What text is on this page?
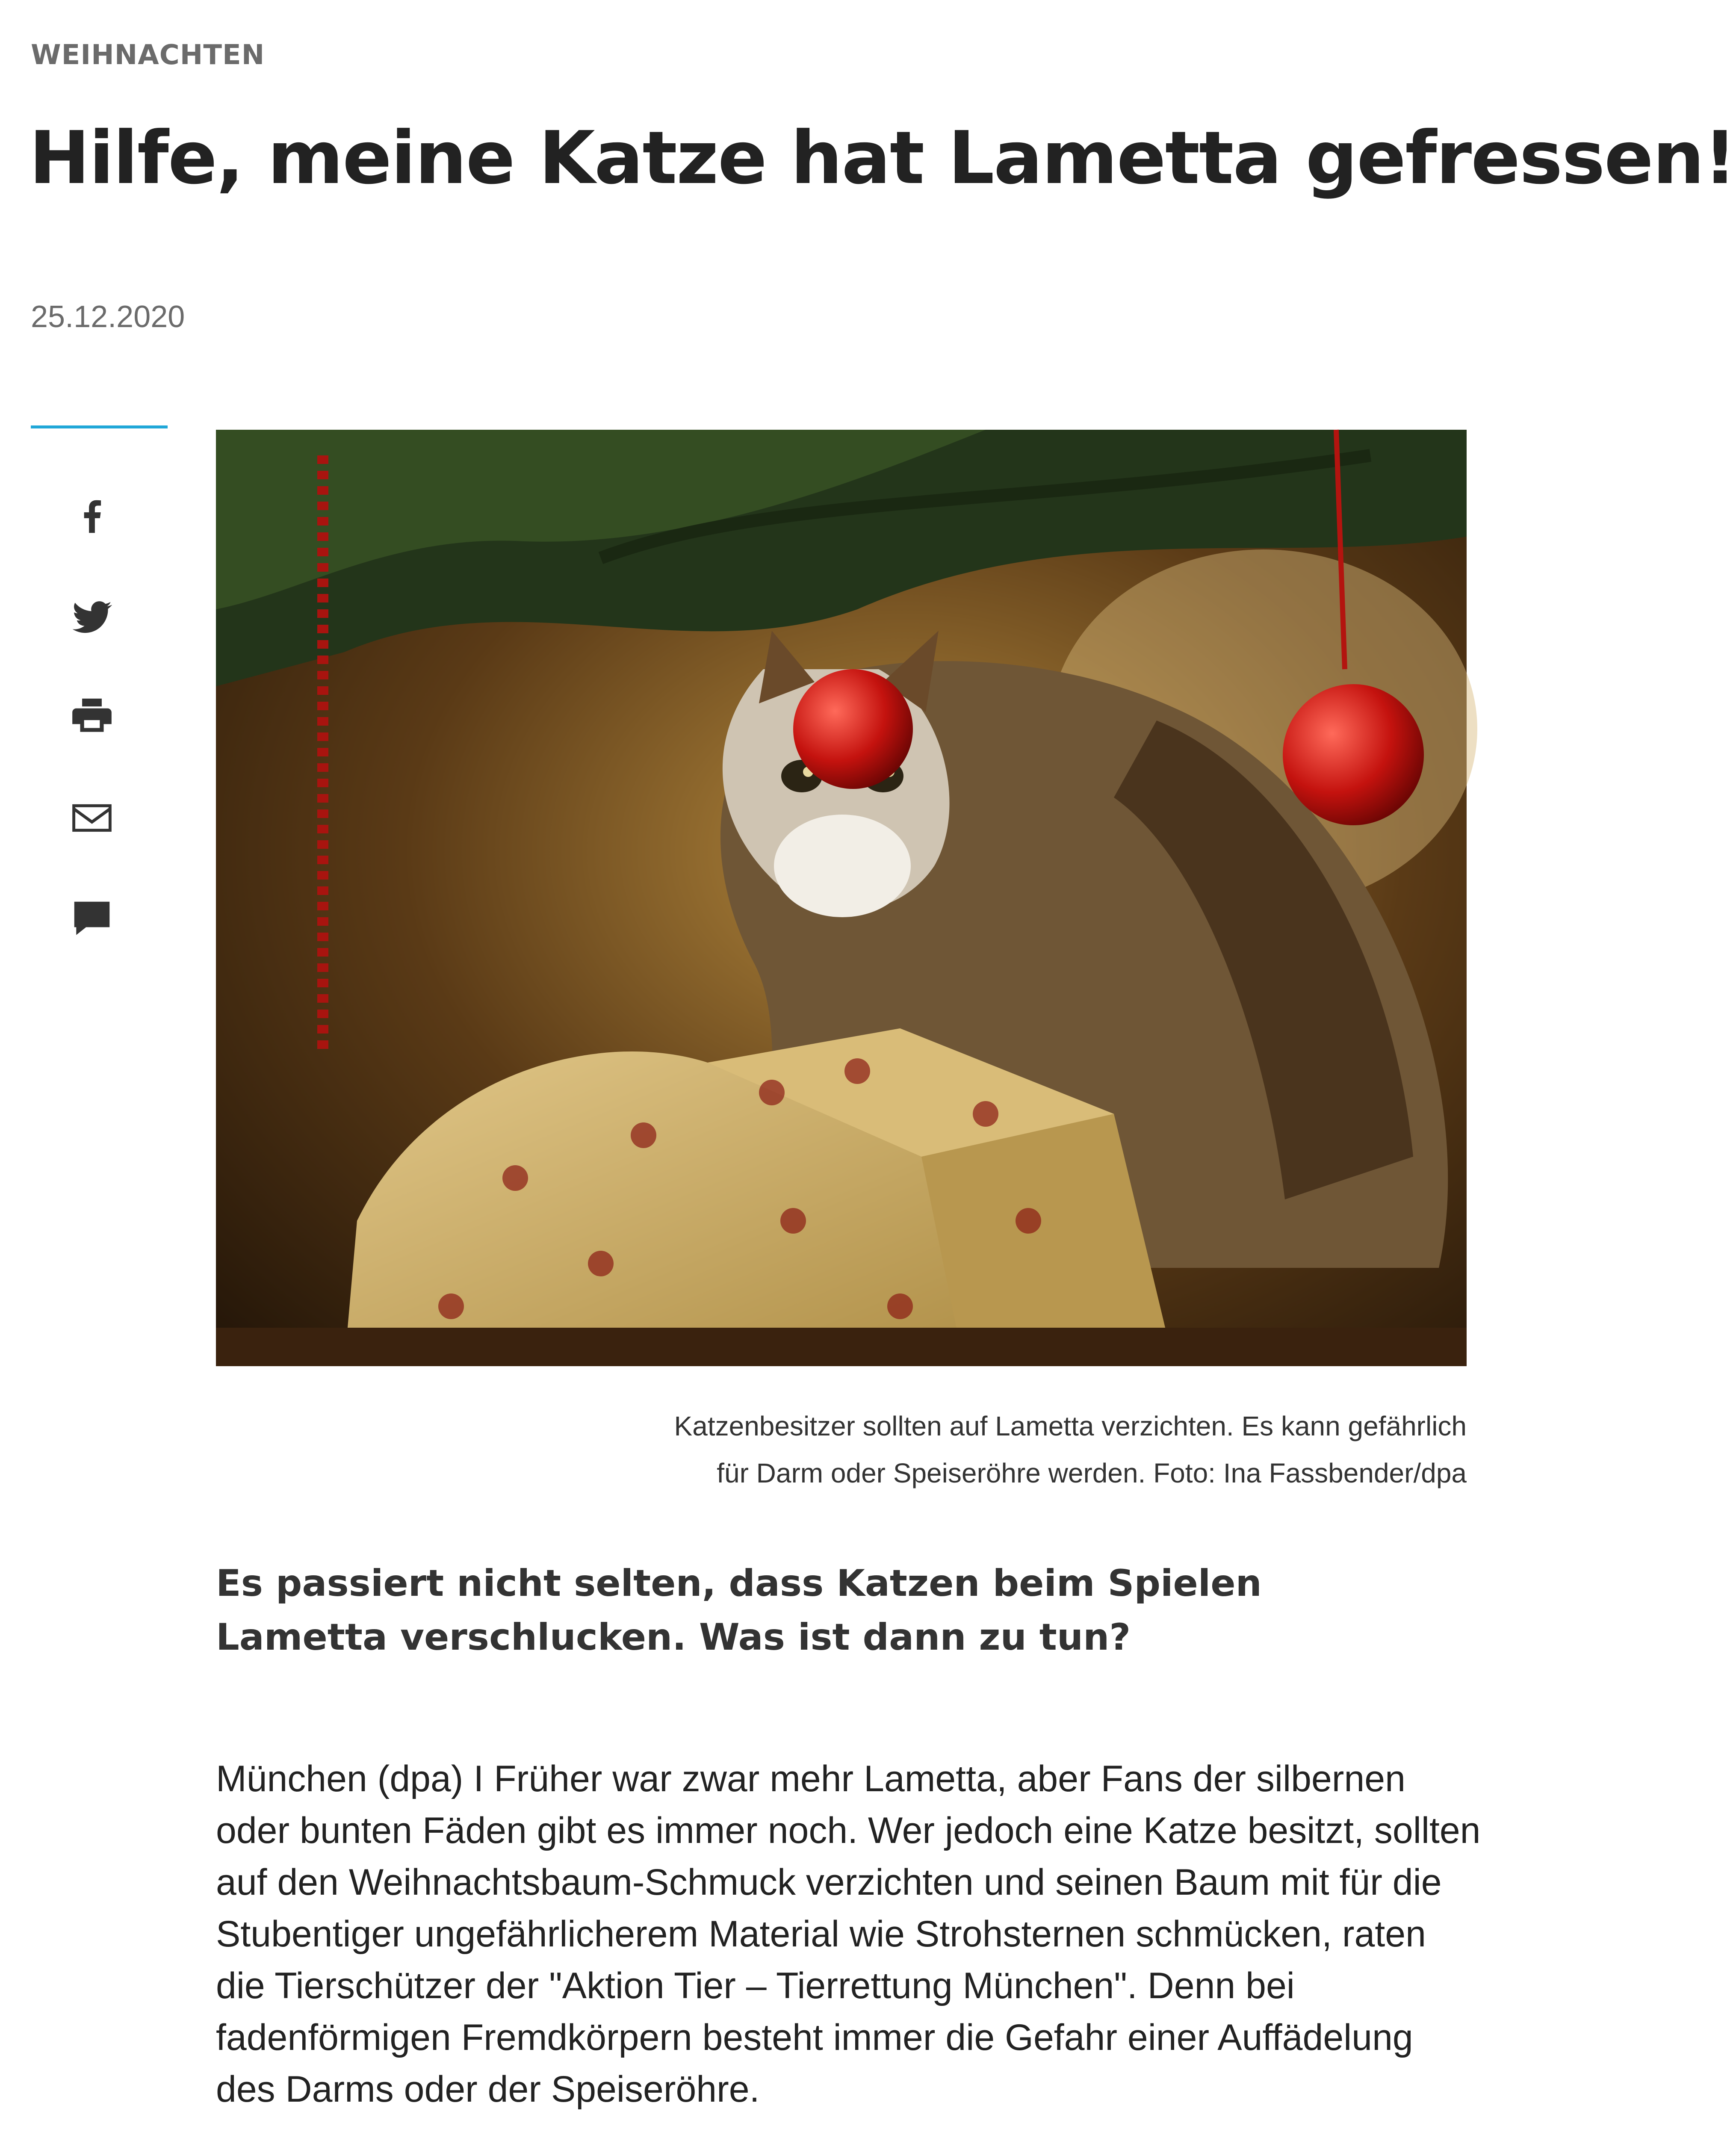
WEIHNACHTEN
Hilfe, meine Katze hat Lametta gefressen!
25.12.2020
Katzenbesitzer sollten auf Lametta verzichten. Es kann gefährlich
für Darm oder Speiseröhre werden. Foto: Ina Fassbender/dpa
Es passiert nicht selten, dass Katzen beim Spielen Lametta verschlucken. Was ist dann zu tun?

München (dpa) I Früher war zwar mehr Lametta, aber Fans der silbernen oder bunten Fäden gibt es immer noch. Wer jedoch eine Katze besitzt, sollten auf den Weihnachtsbaum-Schmuck verzichten und seinen Baum mit für die Stubentiger ungefährlicherem Material wie Strohsternen schmücken, raten die Tierschützer der "Aktion Tier – Tierrettung München". Denn bei fadenförmigen Fremdkörpern besteht immer die Gefahr einer Auffädelung des Darms oder der Speiseröhre.
